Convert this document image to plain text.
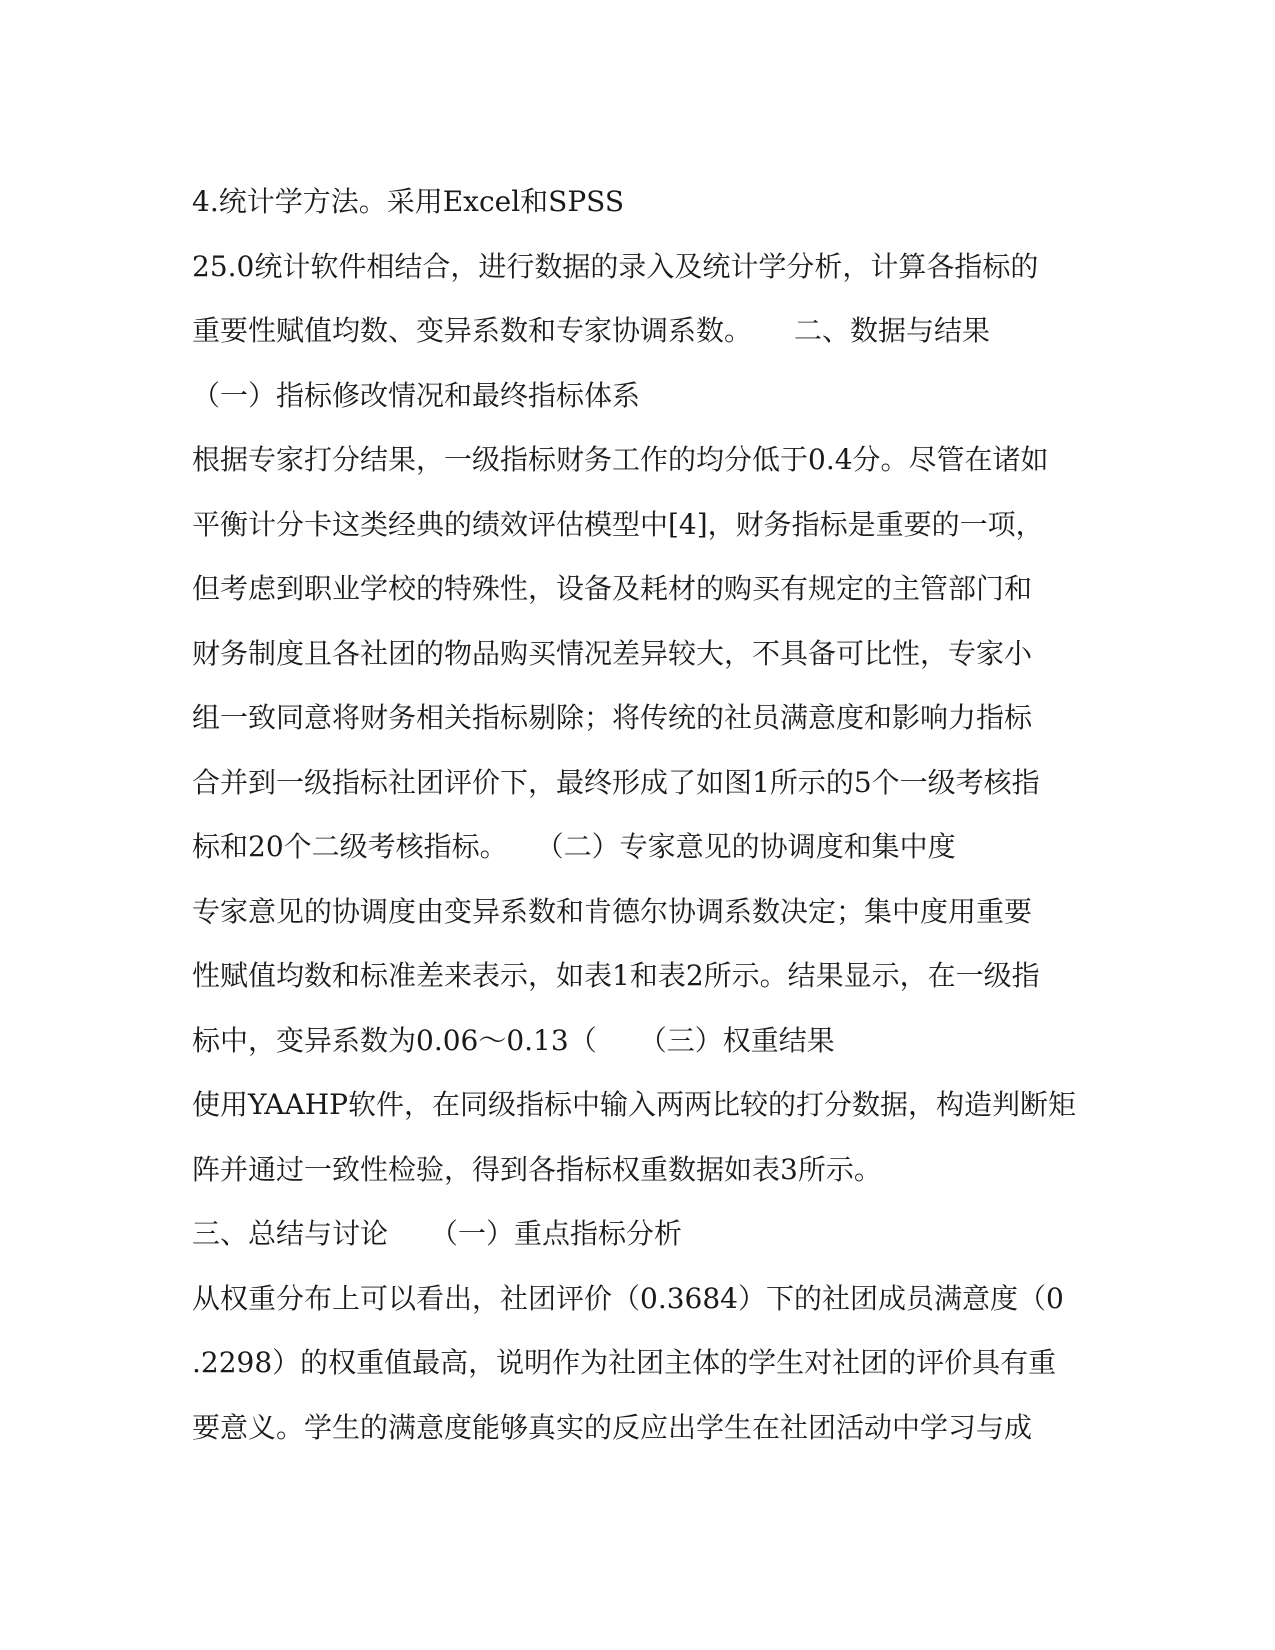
4.统计学方法。采用Excel和SPSS
25.0统计软件相结合，进行数据的录入及统计学分析，计算各指标的
重要性赋值均数、变异系数和专家协调系数。　　二、数据与结果
（一）指标修改情况和最终指标体系
根据专家打分结果，一级指标财务工作的均分低于0.4分。尽管在诸如
平衡计分卡这类经典的绩效评估模型中[4]，财务指标是重要的一项，
但考虑到职业学校的特殊性，设备及耗材的购买有规定的主管部门和
财务制度且各社团的物品购买情况差异较大，不具备可比性，专家小
组一致同意将财务相关指标剔除；将传统的社员满意度和影响力指标
合并到一级指标社团评价下，最终形成了如图1所示的5个一级考核指
标和20个二级考核指标。　　（二）专家意见的协调度和集中度
专家意见的协调度由变异系数和肯德尔协调系数决定；集中度用重要
性赋值均数和标准差来表示，如表1和表2所示。结果显示，在一级指
标中，变异系数为0.06～0.13（　　（三）权重结果
使用YAAHP软件，在同级指标中输入两两比较的打分数据，构造判断矩
阵并通过一致性检验，得到各指标权重数据如表3所示。
三、总结与讨论　　（一）重点指标分析
从权重分布上可以看出，社团评价（0.3684）下的社团成员满意度（0
.2298）的权重值最高，说明作为社团主体的学生对社团的评价具有重
要意义。学生的满意度能够真实的反应出学生在社团活动中学习与成
